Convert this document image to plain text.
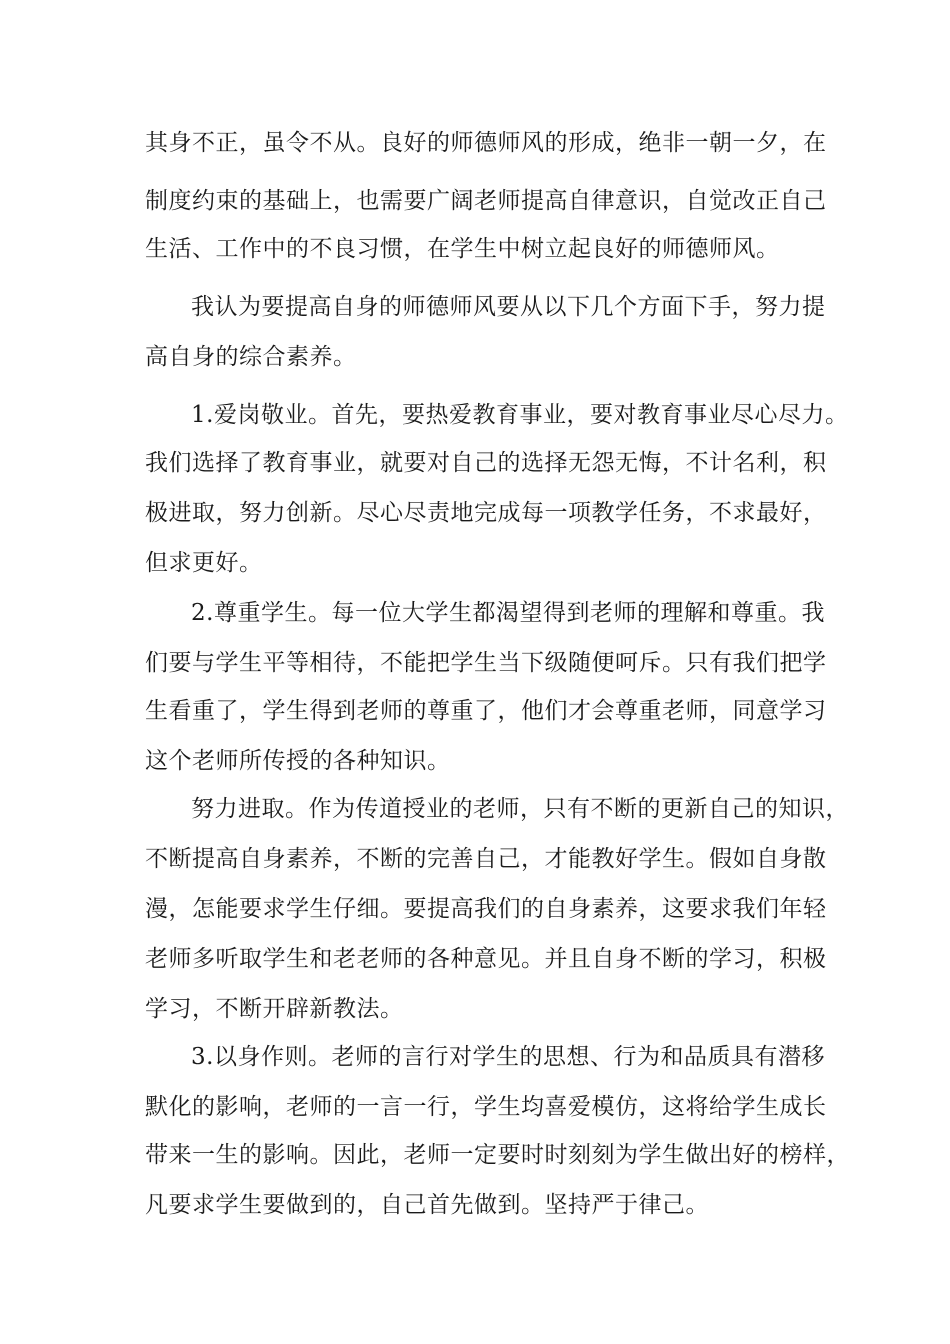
其身不正，虽令不从。良好的师德师风的形成，绝非一朝一夕，在
制度约束的基础上，也需要广阔老师提高自律意识，自觉改正自己
生活、工作中的不良习惯，在学生中树立起良好的师德师风。
我认为要提高自身的师德师风要从以下几个方面下手，努力提
高自身的综合素养。
1.爱岗敬业。首先，要热爱教育事业，要对教育事业尽心尽力。
我们选择了教育事业，就要对自己的选择无怨无悔，不计名利，积
极进取，努力创新。尽心尽责地完成每一项教学任务，不求最好，
但求更好。
2.尊重学生。每一位大学生都渴望得到老师的理解和尊重。我
们要与学生平等相待，不能把学生当下级随便呵斥。只有我们把学
生看重了，学生得到老师的尊重了，他们才会尊重老师，同意学习
这个老师所传授的各种知识。
努力进取。作为传道授业的老师，只有不断的更新自己的知识，
不断提高自身素养，不断的完善自己，才能教好学生。假如自身散
漫，怎能要求学生仔细。要提高我们的自身素养，这要求我们年轻
老师多听取学生和老老师的各种意见。并且自身不断的学习，积极
学习，不断开辟新教法。
3.以身作则。老师的言行对学生的思想、行为和品质具有潜移
默化的影响，老师的一言一行，学生均喜爱模仿，这将给学生成长
带来一生的影响。因此，老师一定要时时刻刻为学生做出好的榜样，
凡要求学生要做到的，自己首先做到。坚持严于律己。
